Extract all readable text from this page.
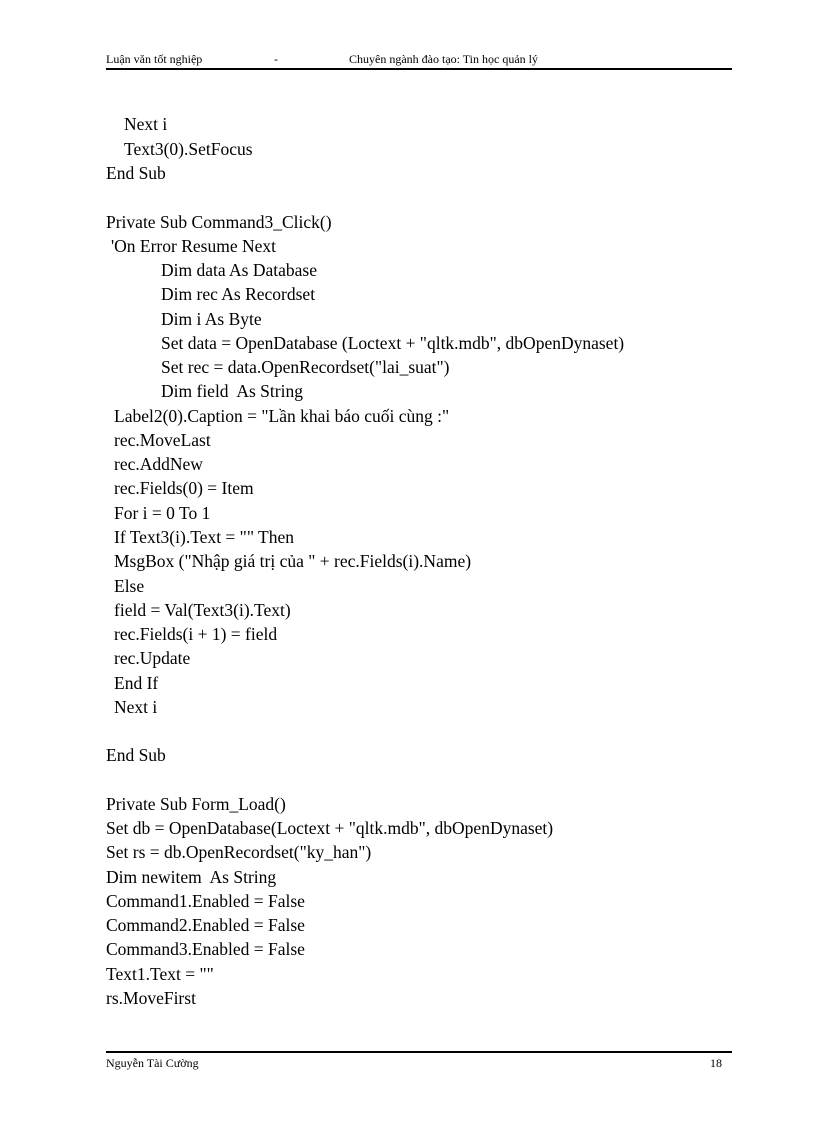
Luận văn tốt nghiệp	-	Chuyên ngành đào tạo: Tin học quản lý
Next i
Text3(0).SetFocus
End Sub
Private Sub Command3_Click()
'On Error Resume Next
Dim data As Database
Dim rec As Recordset
Dim i As Byte
Set data = OpenDatabase (Loctext + "qltk.mdb", dbOpenDynaset)
Set rec = data.OpenRecordset("lai_suat")
Dim field  As String
Label2(0).Caption = "Lần khai báo cuối cùng :"
rec.MoveLast
rec.AddNew
rec.Fields(0) = Item
For i = 0 To 1
If Text3(i).Text = "" Then
MsgBox ("Nhập giá trị của " + rec.Fields(i).Name)
Else
field = Val(Text3(i).Text)
rec.Fields(i + 1) = field
rec.Update
End If
Next i
End Sub
Private Sub Form_Load()
Set db = OpenDatabase(Loctext + "qltk.mdb", dbOpenDynaset)
Set rs = db.OpenRecordset("ky_han")
Dim newitem  As String
Command1.Enabled = False
Command2.Enabled = False
Command3.Enabled = False
Text1.Text = ""
rs.MoveFirst
Nguyễn Tài Cường	18
